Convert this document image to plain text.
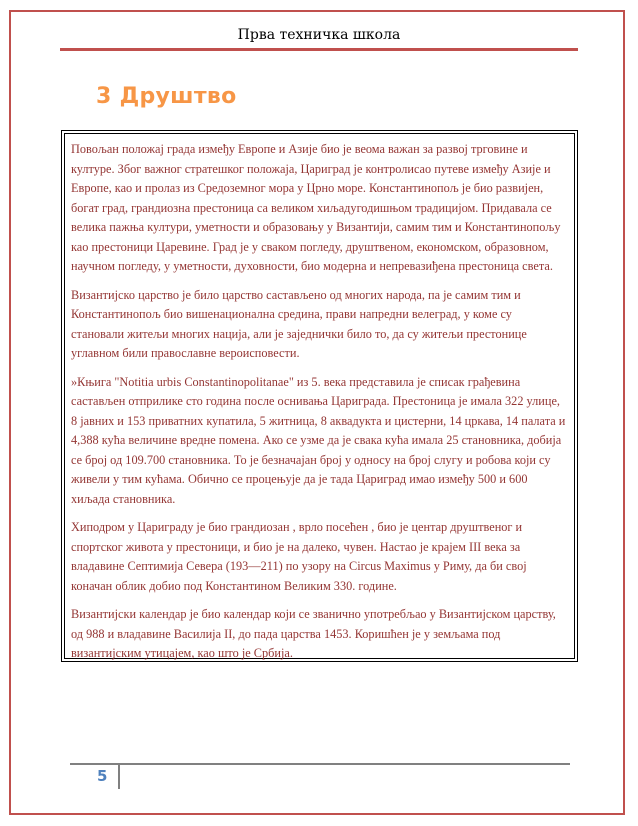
Прва техничка школа
3 Друштво

Повољан положај града између Европе и Азије био је веома важан за развој трговине и културе. Због важног стратешког положаја, Цариград је контролисао путеве између Азије и Европе, као и пролаз из Средоземног мора у Црно море. Константинопољ је био развијен, богат град, грандиозна престоница са великом хиљадугодишњом традицијом. Придавала се велика пажња култури, уметности и образовању у Византији, самим тим и Константинопољу као престоници Царевине. Град је у сваком погледу, друштвеном, економском, образовном, научном погледу, у уметности, духовности, био модерна и непревазиђена престоница света.

Византијско царство је било царство састављено од многих народа, па је самим тим и Константинопољ био вишенационална средина, прави напредни велеград, у коме су становали житељи многих нација, али је заједнички било то, да су житељи престонице углавном били православне вероисповести.

»Књига "Notitia urbis Constantinopolitanae" из 5. века представила је списак грађевина састављен отприлике сто година после оснивања Цариграда. Престоница је имала 322 улице, 8 јавних и 153 приватних купатила, 5 житница, 8 аквадукта и цистерни, 14 цркава, 14 палата и 4,388 кућа величине вредне помена. Ако се узме да је свака кућа имала 25 становника, добија се број од 109.700 становника. То је безначајан број у односу на број слугу и робова који су живели у тим кућама. Обично се процењује да је тада Цариград имао између 500 и 600 хиљада становника.

Хиподром у Цариграду је био грандиозан , врло посећен , био је центар друштвеног и спортског живота у престоници, и био је на далеко, чувен. Настао је крајем III века за владавине Септимија Севера (193—211) по узору на Circus Maximus у Риму, да би свој коначан облик добио под Константином Великим 330. године.

Византијски календар је био календар који се званично употребљао у Византијском царству, од 988 и владавине Василија II, до пада царства 1453. Коришћен је у земљама под византијским утицајем, као што је Србија.

5
